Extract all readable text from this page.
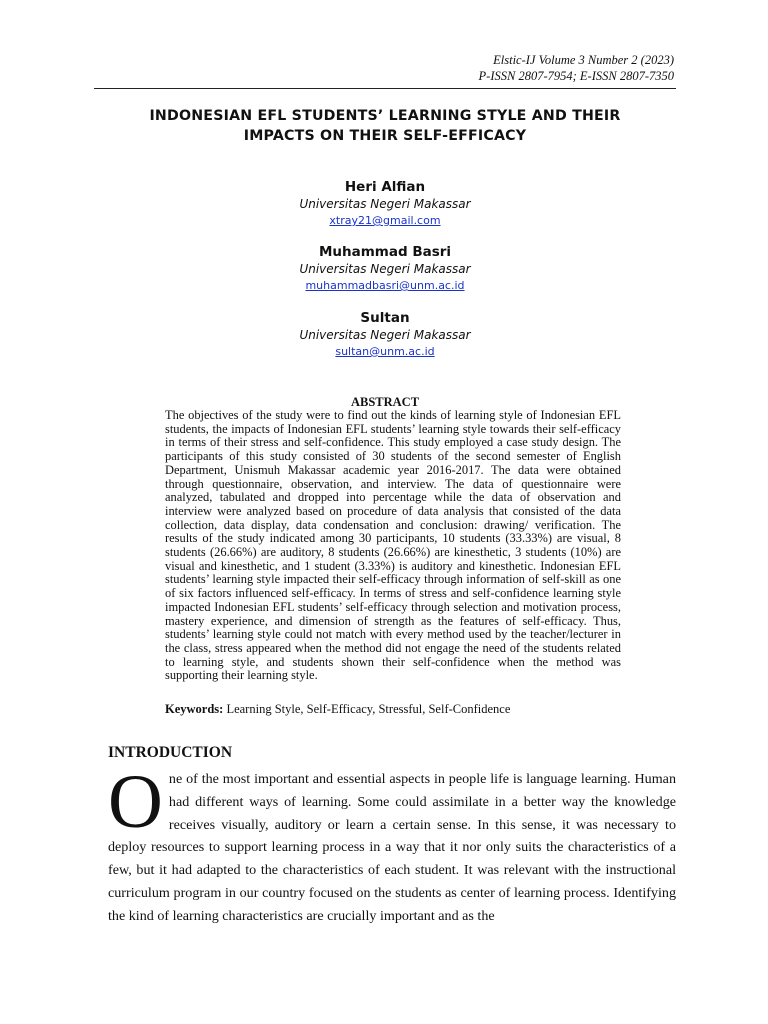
Elstic-IJ Volume 3 Number 2 (2023)
P-ISSN 2807-7954; E-ISSN 2807-7350
INDONESIAN EFL STUDENTS’ LEARNING STYLE AND THEIR
IMPACTS ON THEIR SELF-EFFICACY
Heri Alfian
Universitas Negeri Makassar
xtray21@gmail.com
Muhammad Basri
Universitas Negeri Makassar
muhammadbasri@unm.ac.id
Sultan
Universitas Negeri Makassar
sultan@unm.ac.id
ABSTRACT
The objectives of the study were to find out the kinds of learning style of Indonesian EFL students, the impacts of Indonesian EFL students’ learning style towards their self-efficacy in terms of their stress and self-confidence. This study employed a case study design. The participants of this study consisted of 30 students of the second semester of English Department, Unismuh Makassar academic year 2016-2017. The data were obtained through questionnaire, observation, and interview. The data of questionnaire were analyzed, tabulated and dropped into percentage while the data of observation and interview were analyzed based on procedure of data analysis that consisted of the data collection, data display, data condensation and conclusion: drawing/ verification. The results of the study indicated among 30 participants, 10 students (33.33%) are visual, 8 students (26.66%) are auditory, 8 students (26.66%) are kinesthetic, 3 students (10%) are visual and kinesthetic, and 1 student (3.33%) is auditory and kinesthetic. Indonesian EFL students’ learning style impacted their self-efficacy through information of self-skill as one of six factors influenced self-efficacy. In terms of stress and self-confidence learning style impacted Indonesian EFL students’ self-efficacy through selection and motivation process, mastery experience, and dimension of strength as the features of self-efficacy. Thus, students’ learning style could not match with every method used by the teacher/lecturer in the class, stress appeared when the method did not engage the need of the students related to learning style, and students shown their self-confidence when the method was supporting their learning style.
Keywords: Learning Style, Self-Efficacy, Stressful, Self-Confidence
INTRODUCTION
One of the most important and essential aspects in people life is language learning. Human had different ways of learning. Some could assimilate in a better way the knowledge receives visually, auditory or learn a certain sense. In this sense, it was necessary to deploy resources to support learning process in a way that it nor only suits the characteristics of a few, but it had adapted to the characteristics of each student. It was relevant with the instructional curriculum program in our country focused on the students as center of learning process. Identifying the kind of learning characteristics are crucially important and as the
